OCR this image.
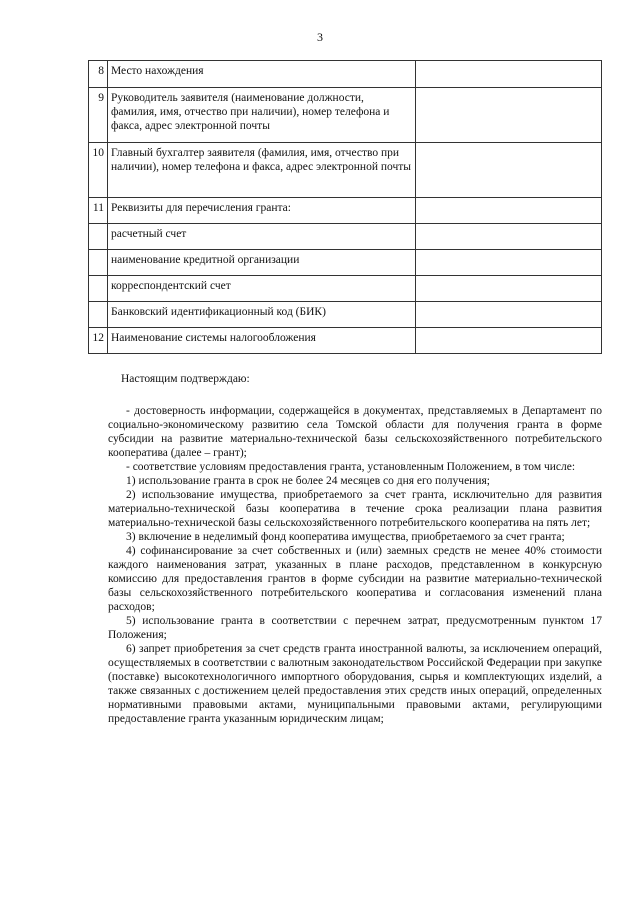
3
8	Место нахождения	
9	Руководитель заявителя (наименование должности, фамилия, имя, отчество при наличии), номер телефона и факса, адрес электронной почты	
10	Главный бухгалтер заявителя (фамилия, имя, отчество при наличии), номер телефона и факса, адрес электронной почты	
11	Реквизиты для перечисления гранта:	
	расчетный счет	
	наименование кредитной организации	
	корреспондентский счет	
	Банковский идентификационный код (БИК)	
12	Наименование системы налогообложения	

Настоящим подтверждаю:

- достоверность информации, содержащейся в документах, представляемых в Департамент по социально-экономическому развитию села Томской области для получения гранта в форме субсидии на развитие материально-технической базы сельскохозяйственного потребительского кооператива (далее – грант);

- соответствие условиям предоставления гранта, установленным Положением, в том числе:

1) использование гранта в срок не более 24 месяцев со дня его получения;

2) использование имущества, приобретаемого за счет гранта, исключительно для развития материально-технической базы кооператива в течение срока реализации плана развития материально-технической базы сельскохозяйственного потребительского кооператива на пять лет;

3) включение в неделимый фонд кооператива имущества, приобретаемого за счет гранта;

4) софинансирование за счет собственных и (или) заемных средств не менее 40% стоимости каждого наименования затрат, указанных в плане расходов, представленном в конкурсную комиссию для предоставления грантов в форме субсидии на развитие материально-технической базы сельскохозяйственного потребительского кооператива и согласования изменений плана расходов;

5) использование гранта в соответствии с перечнем затрат, предусмотренным пунктом 17 Положения;

6) запрет приобретения за счет средств гранта иностранной валюты, за исключением операций, осуществляемых в соответствии с валютным законодательством Российской Федерации при закупке (поставке) высокотехнологичного импортного оборудования, сырья и комплектующих изделий, а также связанных с достижением целей предоставления этих средств иных операций, определенных нормативными правовыми актами, муниципальными правовыми актами, регулирующими предоставление гранта указанным юридическим лицам;
